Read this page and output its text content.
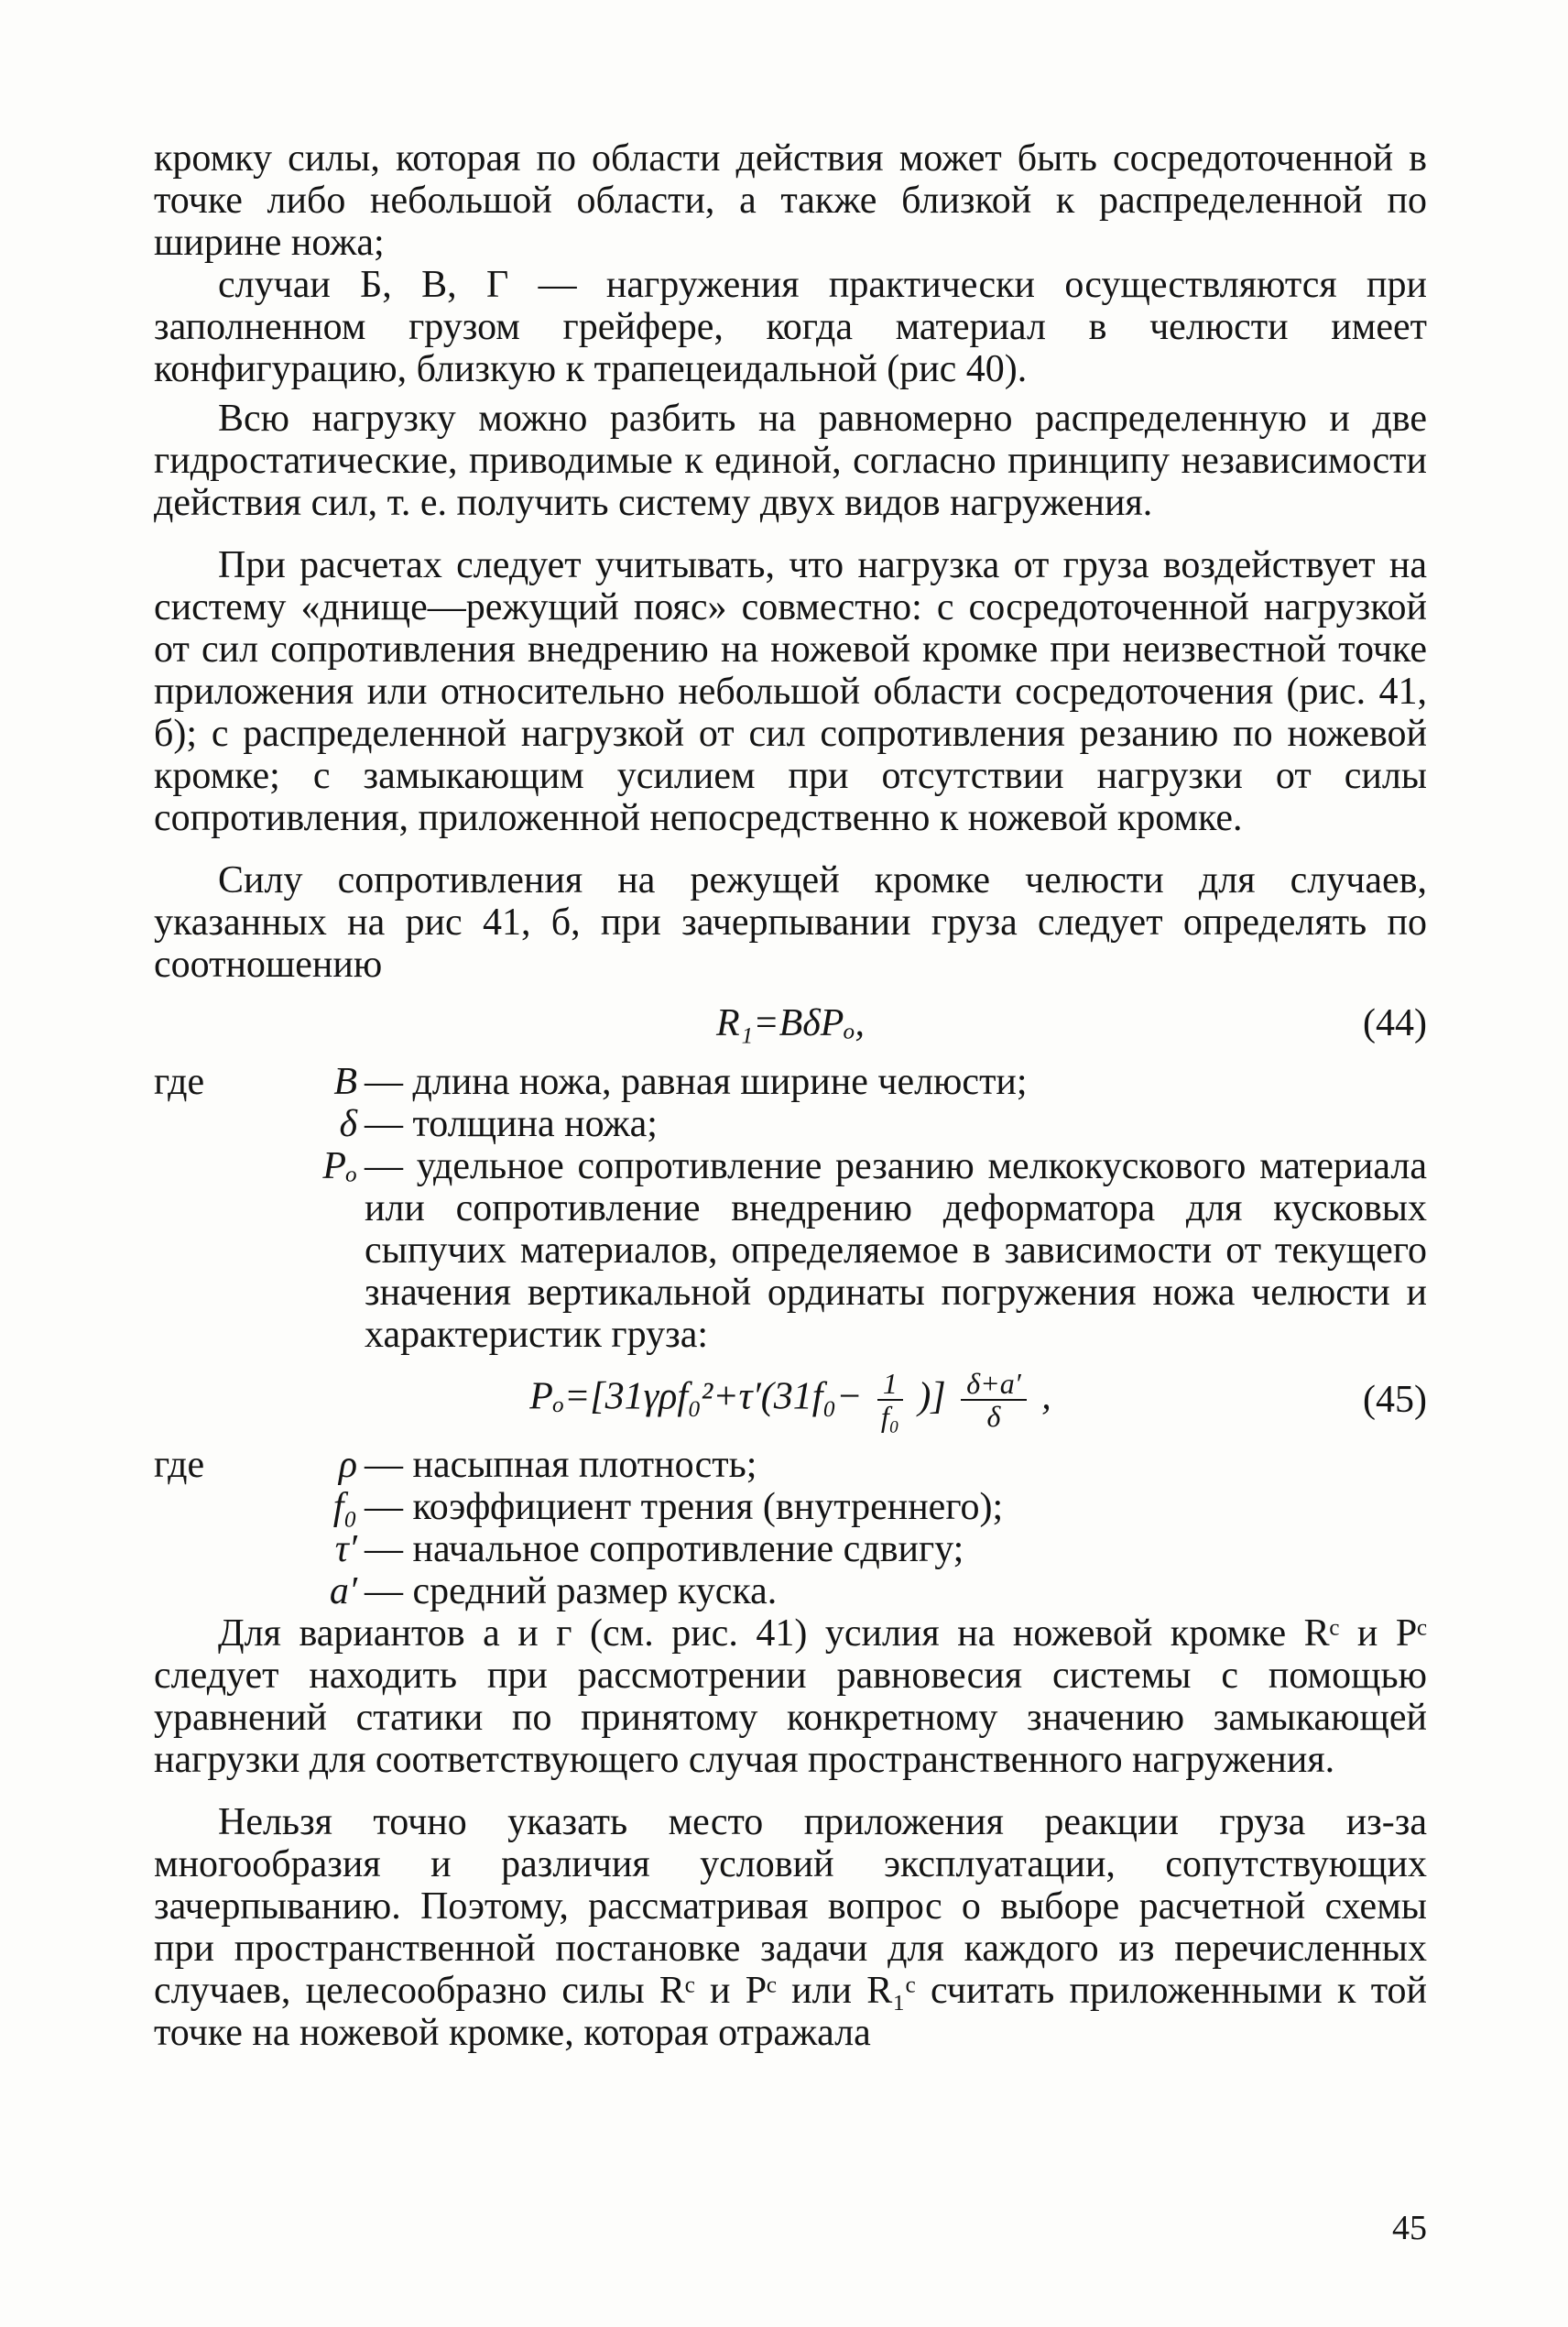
кромку силы, которая по области действия может быть сосредоточенной в точке либо небольшой области, а также близкой к распределенной по ширине ножа;

случаи Б, В, Г — нагружения практически осуществляются при заполненном грузом грейфере, когда материал в челюсти имеет конфигурацию, близкую к трапецеидальной (рис 40).

Всю нагрузку можно разбить на равномерно распределенную и две гидростатические, приводимые к единой, согласно принципу независимости действия сил, т. е. получить систему двух видов нагружения.

При расчетах следует учитывать, что нагрузка от груза воздействует на систему «днище—режущий пояс» совместно: с сосредоточенной нагрузкой от сил сопротивления внедрению на ножевой кромке при неизвестной точке приложения или относительно небольшой области сосредоточения (рис. 41, б); с распределенной нагрузкой от сил сопротивления резанию по ножевой кромке; с замыкающим усилием при отсутствии нагрузки от силы сопротивления, приложенной непосредственно к ножевой кромке.

Силу сопротивления на режущей кромке челюсти для случаев, указанных на рис 41, б, при зачерпывании груза следует определять по соотношению

R₁=BδPₒ,	(44)
где	B — длина ножа, равная ширине челюсти;
δ — толщина ножа;
Pₒ — удельное сопротивление резанию мелкокускового материала или сопротивление внедрению деформатора для кусковых сыпучих материалов, определяемое в зависимости от текущего значения вертикальной ординаты погружения ножа челюсти и характеристик груза:
$P_o=[31\gamma\rho f_0^2+\tau'(31f_0- \frac{1}{\text{f₀}}$ )] $\frac{\delta+a'}{\delta}$ ,	(45)
где	ρ — насыпная плотность;
f₀ — коэффициент трения (внутреннего);
τ′ — начальное сопротивление сдвигу;
a′ — средний размер куска.

Для вариантов а и г (см. рис. 41) усилия на ножевой кромке Rᶜ и Pᶜ следует находить при рассмотрении равновесия системы с помощью уравнений статики по принятому конкретному значению замыкающей нагрузки для соответствующего случая пространственного нагружения.

Нельзя точно указать место приложения реакции груза из-за многообразия и различия условий эксплуатации, сопутствующих зачерпыванию. Поэтому, рассматривая вопрос о выборе расчетной схемы при пространственной постановке задачи для каждого из перечисленных случаев, целесообразно силы Rᶜ и Pᶜ или R₁ᶜ считать приложенными к той точке на ножевой кромке, которая отражала

45
